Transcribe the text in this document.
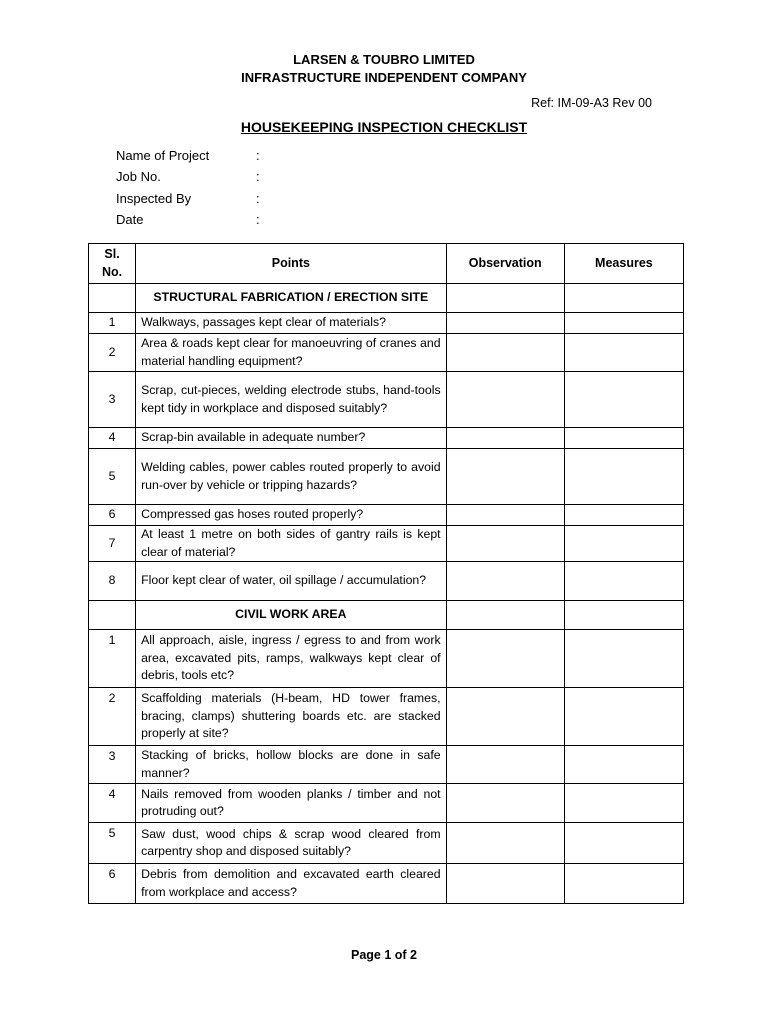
LARSEN & TOUBRO LIMITED
INFRASTRUCTURE INDEPENDENT COMPANY
Ref: IM-09-A3 Rev 00
HOUSEKEEPING INSPECTION CHECKLIST
Name of Project	:
Job No.	:
Inspected By	:
Date	:
Sl. No.	Points	Observation	Measures
	STRUCTURAL FABRICATION / ERECTION SITE		
1	Walkways, passages kept clear of materials?		
2	Area & roads kept clear for manoeuvring of cranes and material handling equipment?		
3	Scrap, cut-pieces, welding electrode stubs, hand-tools kept tidy in workplace and disposed suitably?		
4	Scrap-bin available in adequate number?		
5	Welding cables, power cables routed properly to avoid run-over by vehicle or tripping hazards?		
6	Compressed gas hoses routed properly?		
7	At least 1 metre on both sides of gantry rails is kept clear of material?		
8	Floor kept clear of water, oil spillage / accumulation?		
	CIVIL WORK AREA		
1	All approach, aisle, ingress / egress to and from work area, excavated pits, ramps, walkways kept clear of debris, tools etc?		
2	Scaffolding materials (H-beam, HD tower frames, bracing, clamps) shuttering boards etc. are stacked properly at site?		
3	Stacking of bricks, hollow blocks are done in safe manner?		
4	Nails removed from wooden planks / timber and not protruding out?		
5	Saw dust, wood chips & scrap wood cleared from carpentry shop and disposed suitably?		
6	Debris from demolition and excavated earth cleared from workplace and access?		
Page 1 of 2
